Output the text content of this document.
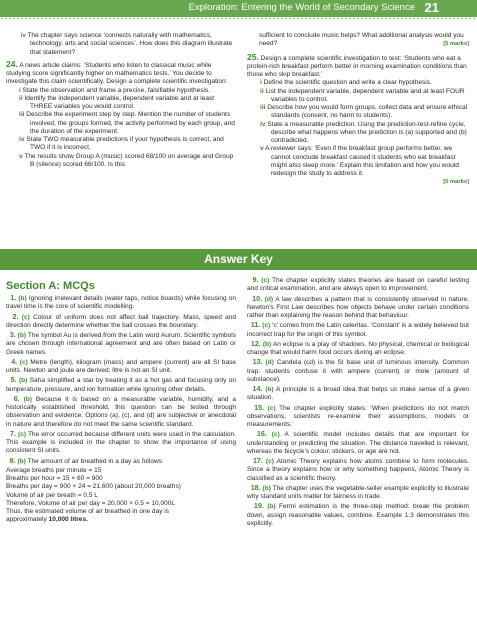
Exploration: Entering the World of Secondary Science 21

iv The chapter says science ‘connects naturally with mathematics, technology, arts and social sciences’. How does this diagram illustrate that statement?

24. A news article claims: ‘Students who listen to classical music while studying score significantly higher on mathematics tests.’ You decide to investigate this claim scientifically. Design a complete scientific investigation:

i State the observation and frame a precise, falsifiable hypothesis.

ii Identify the independent variable, dependent variable and at least THREE variables you would control.

iii Describe the experiment step by step. Mention the number of students involved, the groups formed, the activity performed by each group, and the duration of the experiment.

iv State TWO measurable predictions if your hypothesis is correct, and TWO if it is incorrect.

v The results show Group A (music) scored 68/100 on average and Group B (silence) scored 66/100. Is this

sufficient to conclude music helps? What additional analysis would you need?	[5 marks]

25. Design a complete scientific investigation to test: ‘Students who eat a protein-rich breakfast perform better in morning examination conditions than those who skip breakfast.’

i Define the scientific question and write a clear hypothesis.

ii List the independent variable, dependent variable and at least FOUR variables to control.

iii Describe how you would form groups, collect data and ensure ethical standards (consent, no harm to students).

iv State a measurable prediction. Using the prediction-test-refine cycle, describe what happens when the prediction is (a) supported and (b) contradicted.

v A reviewer says: ‘Even if the breakfast group performs better, we cannot conclude breakfast caused it students who eat breakfast might also sleep more.’ Explain this limitation and how you would redesign the study to address it.

[5 marks]

Answer Key
Section A: MCQs

1. (b) Ignoring irrelevant details (water taps, notice boards) while focusing on travel time is the core of scientific modelling.

2. (c) Colour of uniform does not affect ball trajectory. Mass, speed and direction directly determine whether the ball crosses the boundary.

3. (b) The symbol Au is derived from the Latin word Aurum. Scientific symbols are chosen through international agreement and are often based on Latin or Greek names.

4. (c) Metre (length), kilogram (mass) and ampere (current) are all SI base units. Newton and joule are derived; litre is not an SI unit.

5. (b) Saha simplified a star by treating it as a hot gas and focusing only on temperature, pressure, and ion formation while ignoring other details.

6. (b) Because it is based on a measurable variable, humidity, and a historically established threshold, this question can be tested through observation and evidence. Options (a), (c), and (d) are subjective or anecdotal in nature and therefore do not meet the same scientific standard.

7. (c) The error occurred because different units were used in the calculation. This example is included in the chapter to show the importance of using consistent SI units.

8. (b) The amount of air breathed in a day as follows:

Average breaths per minute = 15

Breaths per hour = 15 × 60 = 900

Breaths per day = 900 × 24 = 21,600 (about 20,000 breaths)

Volume of air per breath = 0.5 L

Therefore, Volume of air per day = 20,000 × 0.5 = 10,000L

Thus, the estimated volume of air breathed in one day is

approximately 10,000 litres.

9. (c) The chapter explicitly states theories are based on careful testing and critical examination, and are always open to improvement.

10. (d) A law describes a pattern that is consistently observed in nature. Newton’s First Law describes how objects behave under certain conditions rather than explaining the reason behind that behaviour.

11. (c) ‘c’ comes from the Latin celeritas. ‘Constant’ is a widely believed but incorrect trap for the origin of this symbol.

12. (b) An eclipse is a play of shadows. No physical, chemical or biological change that would harm food occurs during an eclipse.

13. (d) Candela (cd) is the SI base unit of luminous intensity. Common trap: students confuse it with ampere (current) or mole (amount of substance).

14. (b) A principle is a broad idea that helps us make sense of a given situation.

15. (c) The chapter explicitly states: ‘When predictions do not match observations, scientists re-examine their assumptions, models or measurements.’

16. (c) A scientific model includes details that are important for understanding or predicting the situation. The distance travelled is relevant, whereas the bicycle’s colour, stickers, or age are not.

17. (c) Atomic Theory explains how atoms combine to form molecules. Since a theory explains how or why something happens, Atomic Theory is classified as a scientific theory.

18. (b) The chapter uses the vegetable-seller example explicitly to illustrate why standard units matter for fairness in trade.

19. (b) Fermi estimation is the three-step method: break the problem down, assign reasonable values, combine. Example 1.3 demonstrates this explicitly.
